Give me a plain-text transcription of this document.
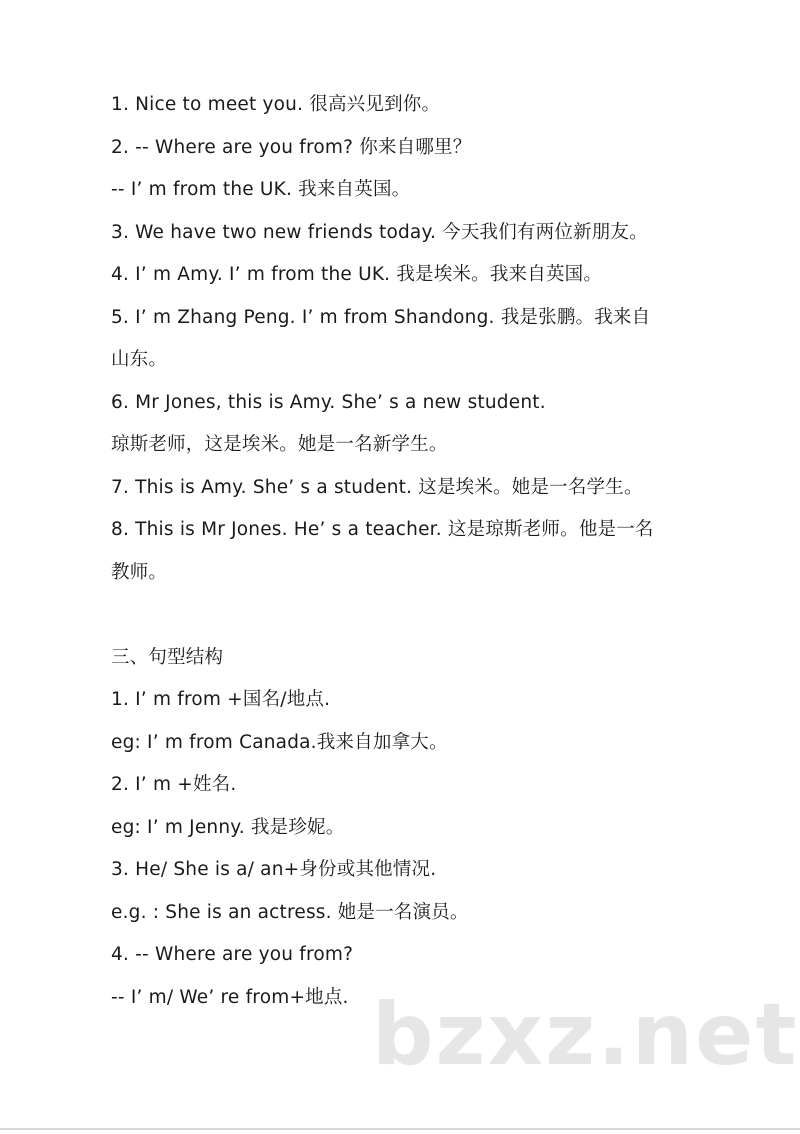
1. Nice to meet you. 很高兴见到你。
2. -- Where are you from? 你来自哪里？
-- I’ m from the UK. 我来自英国。
3. We have two new friends today. 今天我们有两位新朋友。
4. I’ m Amy. I’ m from the UK. 我是埃米。我来自英国。
5. I’ m Zhang Peng. I’ m from Shandong. 我是张鹏。我来自
山东。
6. Mr Jones, this is Amy. She’ s a new student.
琼斯老师，这是埃米。她是一名新学生。
7. This is Amy. She’ s a student. 这是埃米。她是一名学生。
8. This is Mr Jones. He’ s a teacher. 这是琼斯老师。他是一名
教师。
三、句型结构
1. I’ m from +国名/地点.
eg: I’ m from Canada.我来自加拿大。
2. I’ m +姓名.
eg: I’ m Jenny. 我是珍妮。
3. He/ She is a/ an+身份或其他情况.
e.g. : She is an actress. 她是一名演员。
4. -- Where are you from?
-- I’ m/ We’ re from+地点. bzxz.net
